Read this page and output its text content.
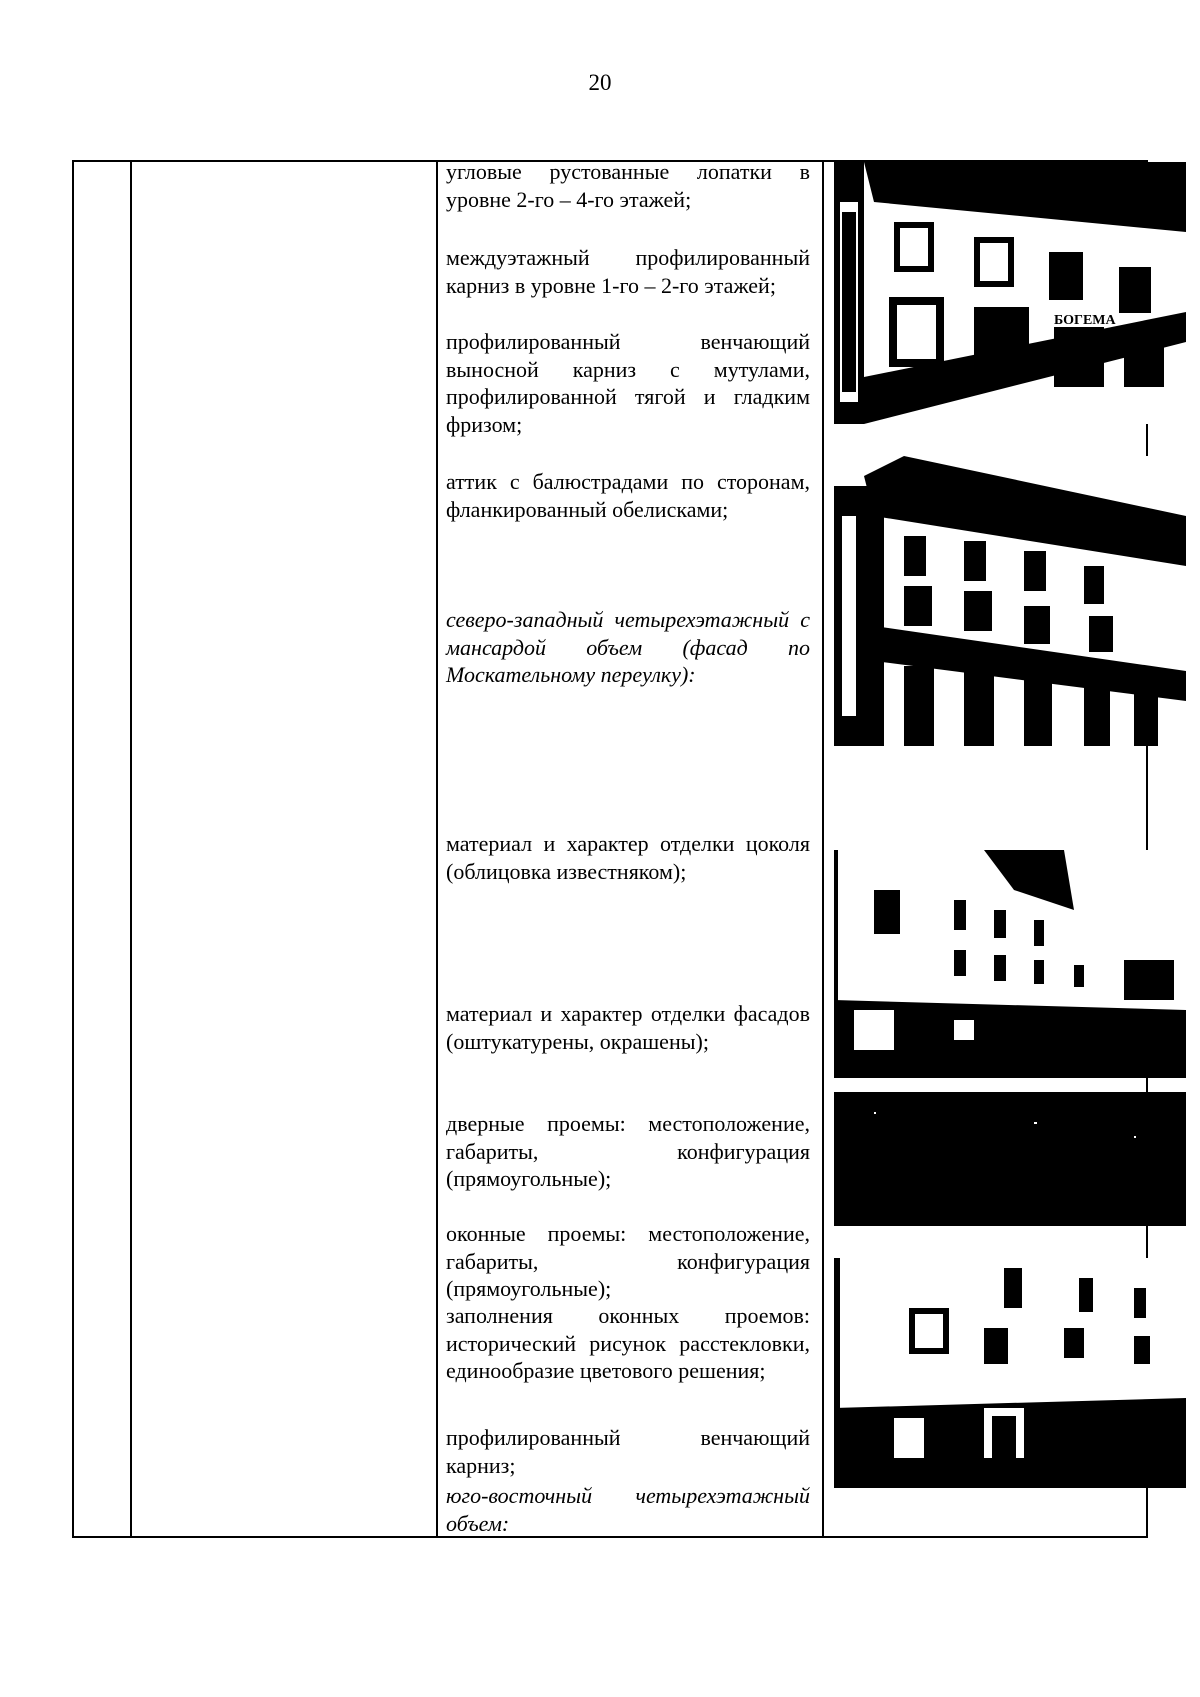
20

угловые рустованные лопатки в уровне 2-го – 4-го этажей;

междуэтажный профилированный карниз в уровне 1-го – 2-го этажей;

профилированный венчающий выносной карниз с мутулами, профилированной тягой и гладким фризом;

аттик с балюстрадами по сторонам, фланкированный обелисками;

северо-западный четырехэтажный с мансардой объем (фасад по Москательному переулку):

материал и характер отделки цоколя (облицовка известняком);

материал и характер отделки фасадов (оштукатурены, окрашены);

дверные проемы: местоположение, габариты, конфигурация (прямоугольные);

оконные проемы: местоположение, габариты, конфигурация (прямоугольные);

заполнения оконных проемов: исторический рисунок расстекловки, единообразие цветового решения;

профилированный венчающий карниз;

юго-восточный четырехэтажный объем:

БОГЕМА
